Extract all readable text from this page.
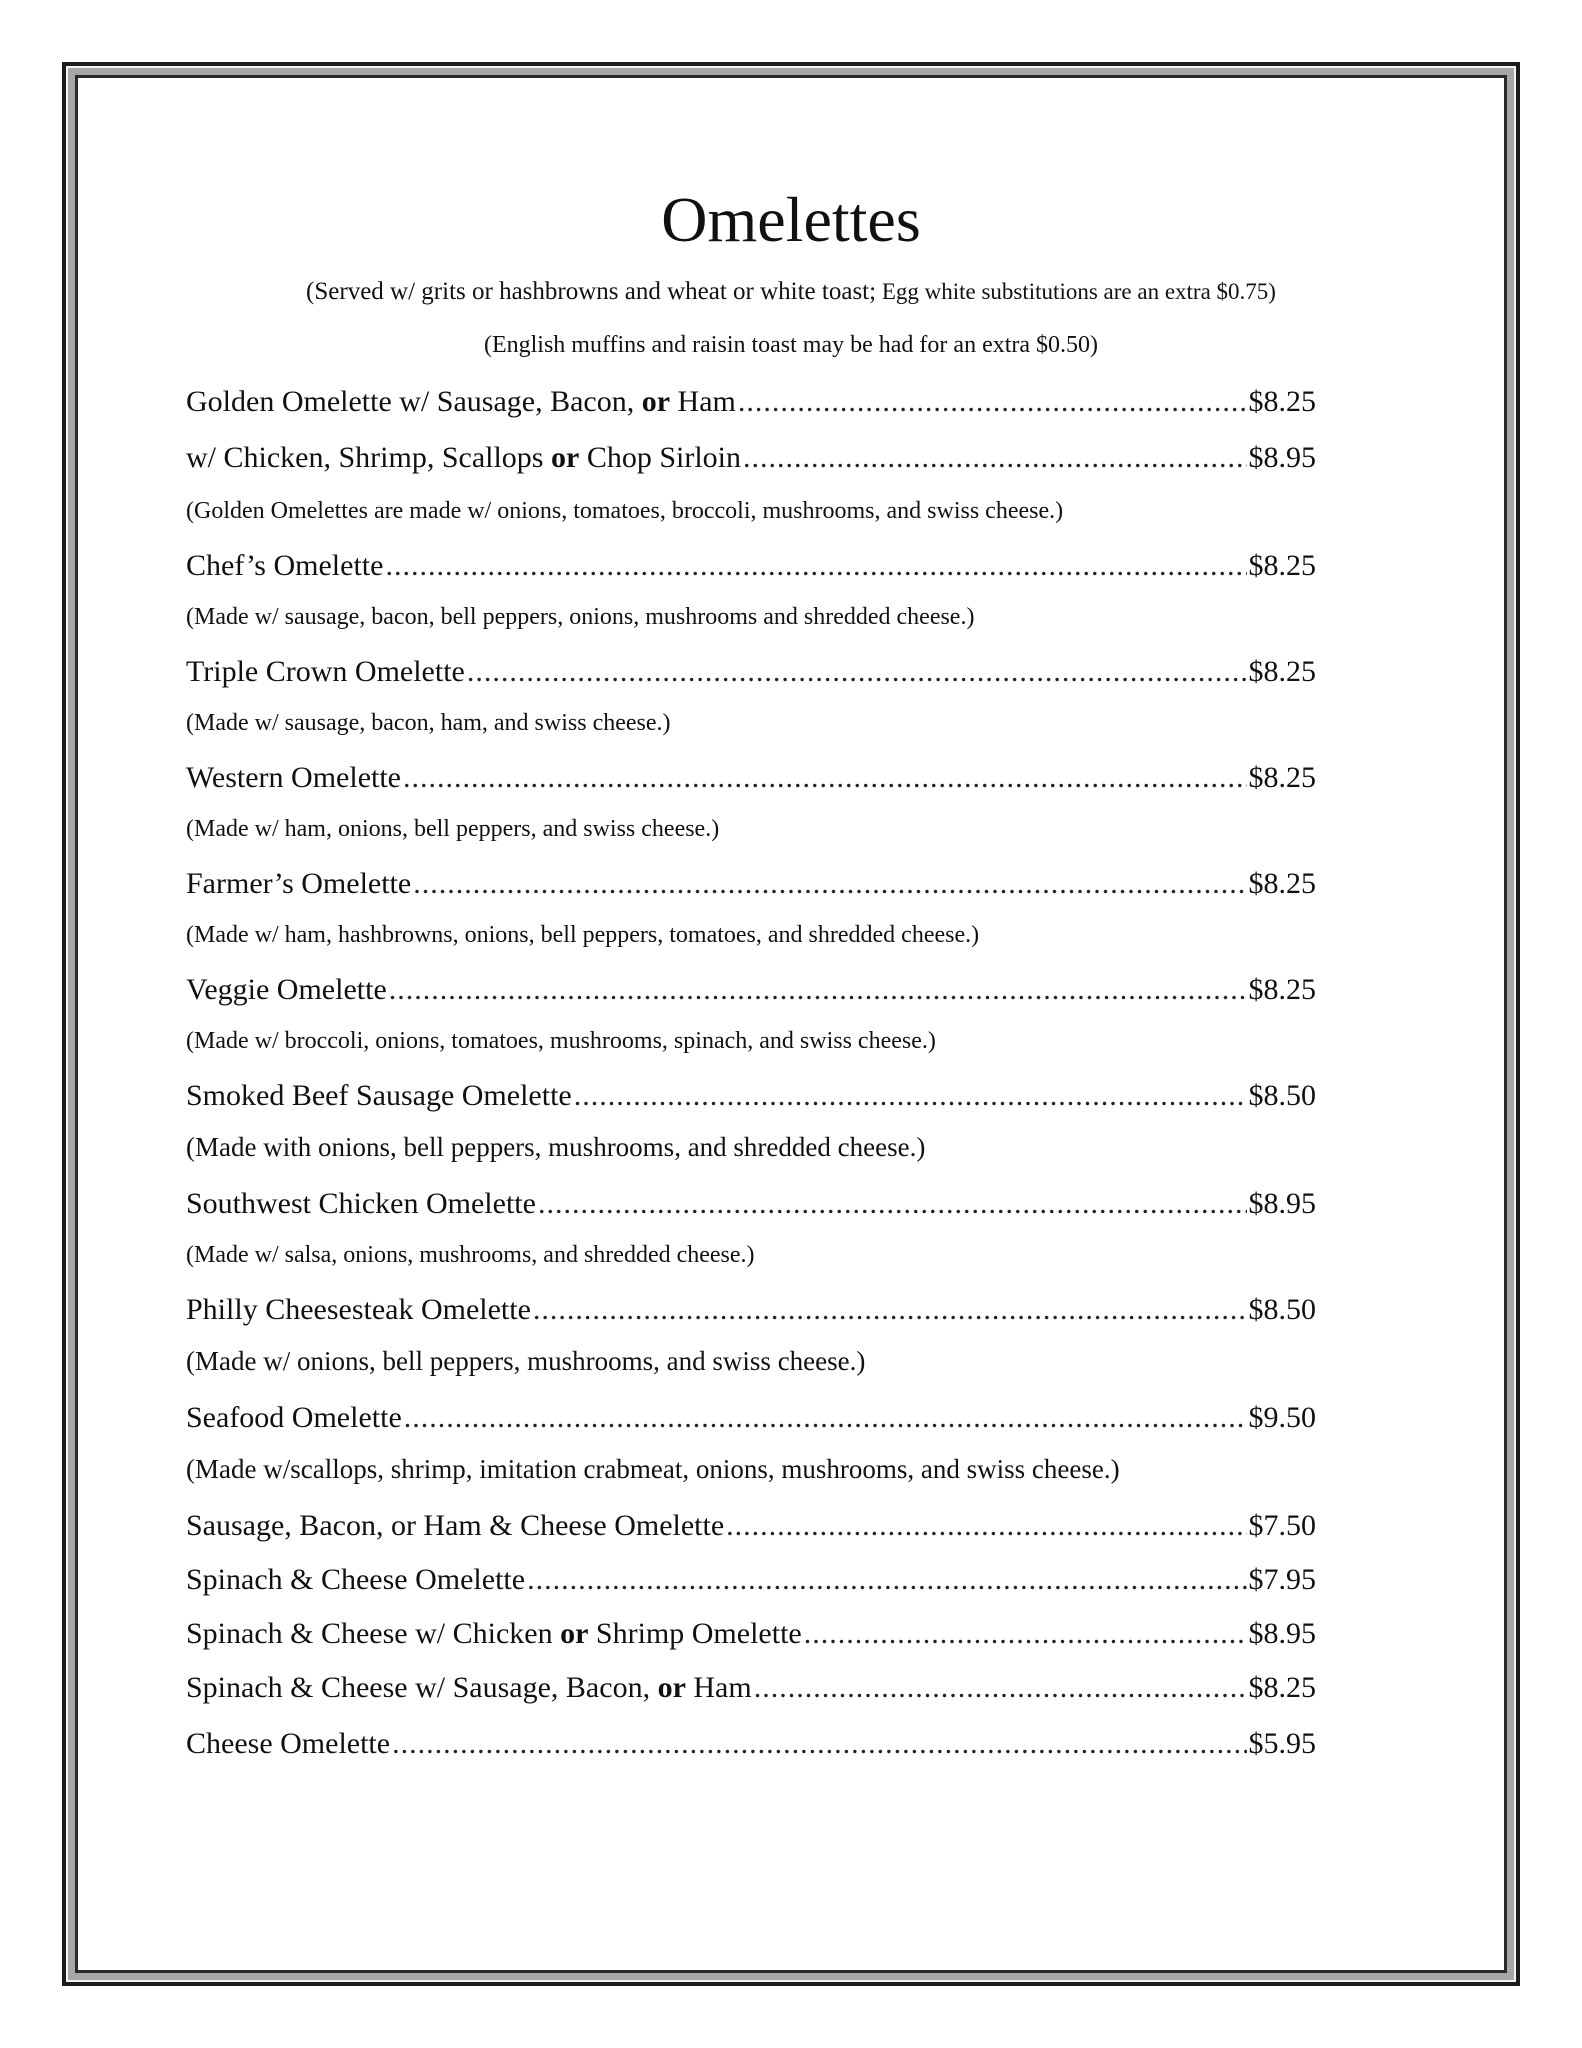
Omelettes
(Served w/ grits or hashbrowns and wheat or white toast; Egg white substitutions are an extra $0.75)
(English muffins and raisin toast may be had for an extra $0.50)
Golden Omelette w/ Sausage, Bacon, or Ham .....	$8.25
w/ Chicken, Shrimp, Scallops or Chop Sirloin .....	$8.95
(Golden Omelettes are made w/ onions, tomatoes, broccoli, mushrooms, and swiss cheese.)
Chef’s Omelette .....	$8.25
(Made w/ sausage, bacon, bell peppers, onions, mushrooms and shredded cheese.)
Triple Crown Omelette .....	$8.25
(Made w/ sausage, bacon, ham, and swiss cheese.)
Western Omelette .....	$8.25
(Made w/ ham, onions, bell peppers, and swiss cheese.)
Farmer’s Omelette .....	$8.25
(Made w/ ham, hashbrowns, onions, bell peppers, tomatoes, and shredded cheese.)
Veggie Omelette .....	$8.25
(Made w/ broccoli, onions, tomatoes, mushrooms, spinach, and swiss cheese.)
Smoked Beef Sausage Omelette .....	$8.50
(Made with onions, bell peppers, mushrooms, and shredded cheese.)
Southwest Chicken Omelette .....	$8.95
(Made w/ salsa, onions, mushrooms, and shredded cheese.)
Philly Cheesesteak Omelette .....	$8.50
(Made w/ onions, bell peppers, mushrooms, and swiss cheese.)
Seafood Omelette .....	$9.50
(Made w/scallops, shrimp, imitation crabmeat, onions, mushrooms, and swiss cheese.)
Sausage, Bacon, or Ham & Cheese Omelette .....	$7.50
Spinach & Cheese Omelette .....	$7.95
Spinach & Cheese w/ Chicken or Shrimp Omelette .....	$8.95
Spinach & Cheese w/ Sausage, Bacon, or Ham .....	$8.25
Cheese Omelette .....	$5.95
